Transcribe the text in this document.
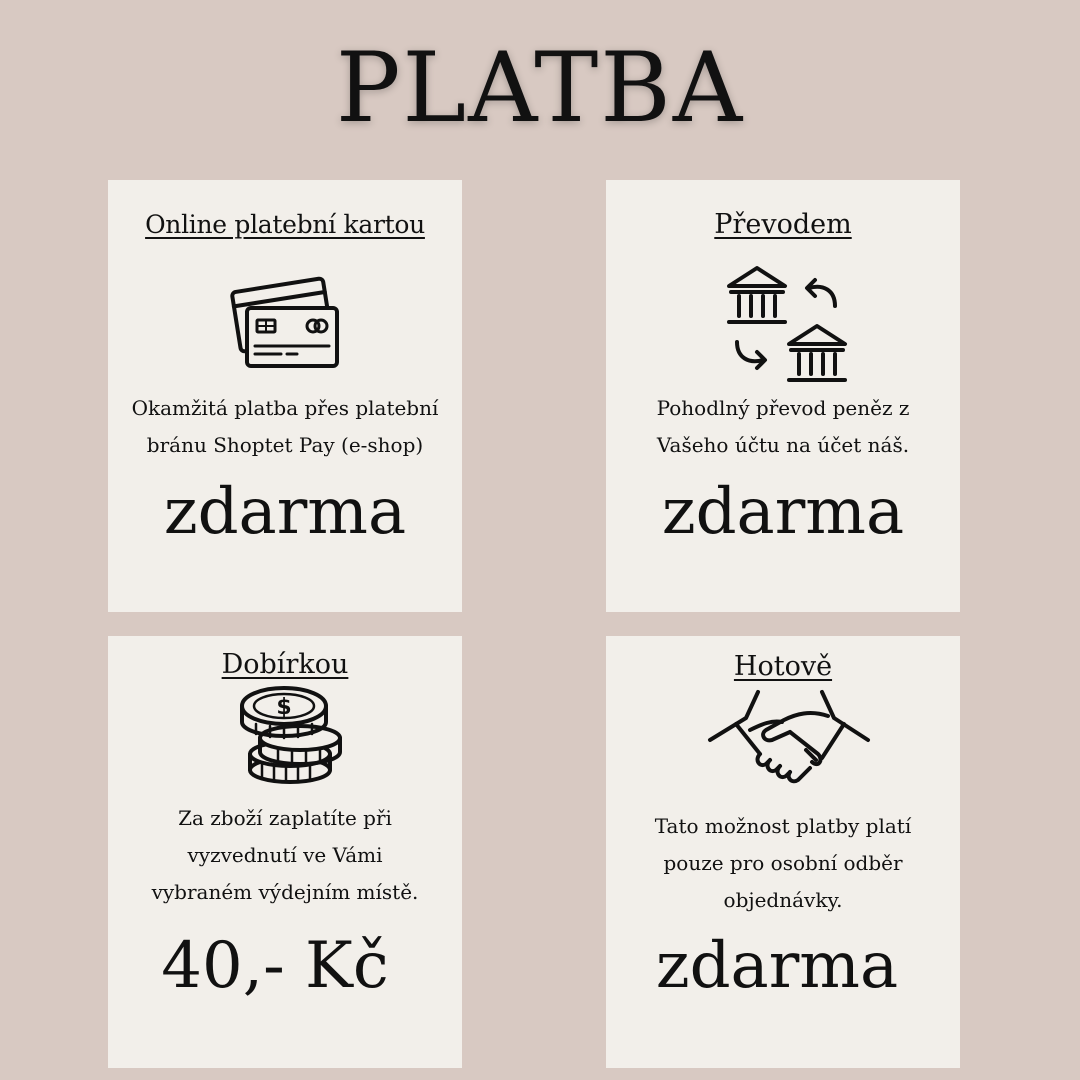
PLATBA
Online platební kartou
Okamžitá platba přes platební
bránu Shoptet Pay (e-shop)
zdarma
Převodem
Pohodlný převod peněz z
Vašeho účtu na účet náš.
zdarma
Dobírkou
$
Za zboží zaplatíte při
vyzvednutí ve Vámi
vybraném výdejním místě.
40,- Kč
Hotově
Tato možnost platby platí
pouze pro osobní odběr
objednávky.
zdarma
